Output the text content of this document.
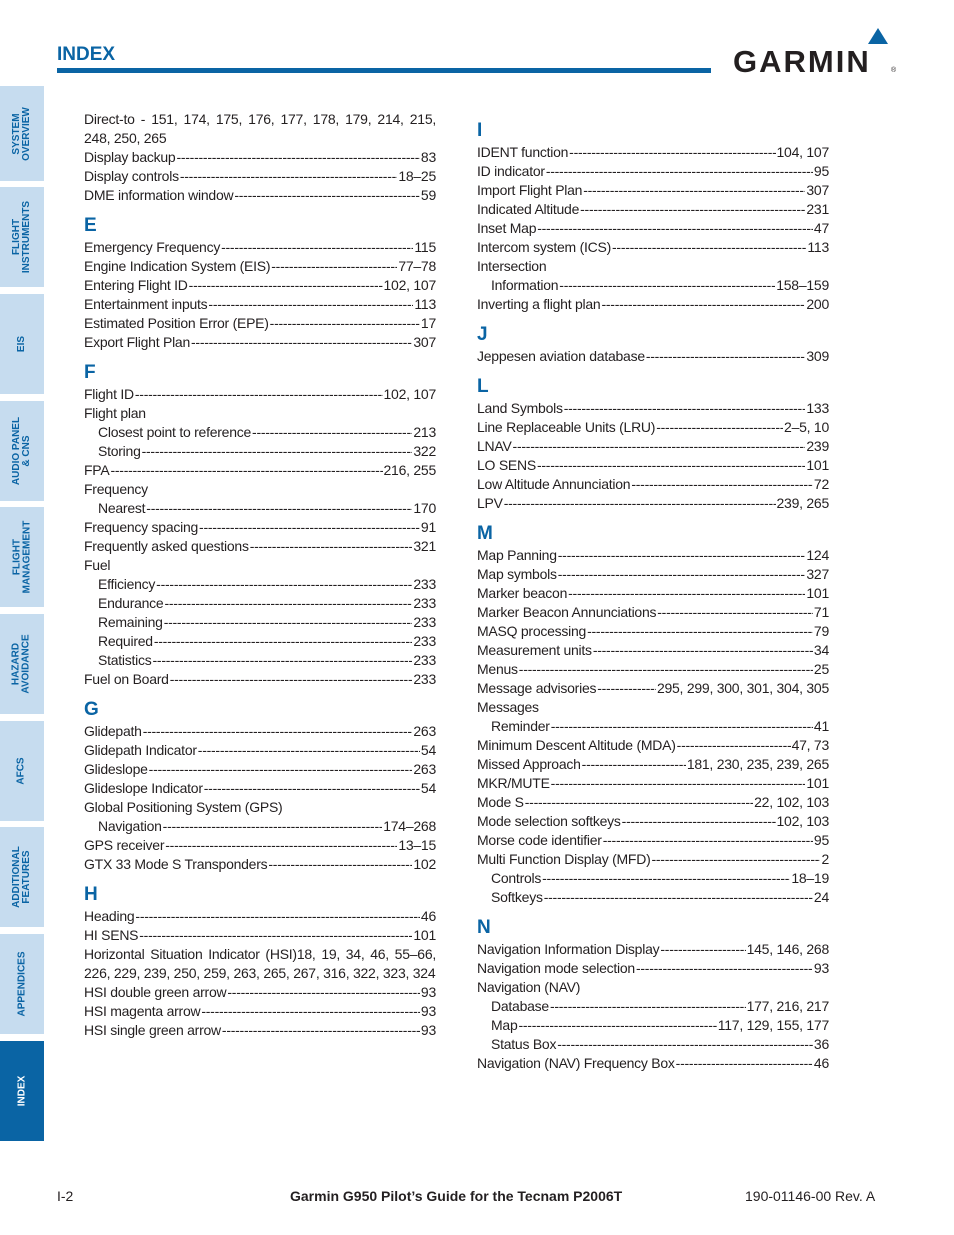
SYSTEM
OVERVIEW
FLIGHT
INSTRUMENTS
EIS
AUDIO PANEL
& CNS
FLIGHT
MANAGEMENT
HAZARD
AVOIDANCE
AFCS
ADDITIONAL
FEATURES
APPENDICES
INDEX
INDEX	GARMIN	®
Direct-to - 151, 174, 175, 176, 177, 178, 179, 214, 215, 248, 250, 265
Display backup -----	83
Display controls -----	18–25
DME information window -----	59
E
Emergency Frequency -----	115
Engine Indication System (EIS) -----	77–78
Entering Flight ID -----	102, 107
Entertainment inputs -----	113
Estimated Position Error (EPE) -----	17
Export Flight Plan -----	307
F
Flight ID -----	102, 107
Flight plan
Closest point to reference -----	213
Storing -----	322
FPA -----	216, 255
Frequency
Nearest -----	170
Frequency spacing -----	91
Frequently asked questions -----	321
Fuel
Efficiency -----	233
Endurance -----	233
Remaining -----	233
Required -----	233
Statistics -----	233
Fuel on Board -----	233
G
Glidepath -----	263
Glidepath Indicator -----	54
Glideslope -----	263
Glideslope Indicator -----	54
Global Positioning System (GPS)
Navigation -----	174–268
GPS receiver -----	13–15
GTX 33 Mode S Transponders -----	102
H
Heading -----	46
HI SENS -----	101
Horizontal Situation Indicator (HSI)18, 19, 34, 46, 55–66, 226, 229, 239, 250, 259, 263, 265, 267, 316, 322, 323, 324
HSI double green arrow -----	93
HSI magenta arrow -----	93
HSI single green arrow -----	93
I
IDENT function -----	104, 107
ID indicator -----	95
Import Flight Plan -----	307
Indicated Altitude -----	231
Inset Map -----	47
Intercom system (ICS) -----	113
Intersection
Information -----	158–159
Inverting a flight plan -----	200
J
Jeppesen aviation database -----	309
L
Land Symbols -----	133
Line Replaceable Units (LRU) -----	2–5, 10
LNAV -----	239
LO SENS -----	101
Low Altitude Annunciation -----	72
LPV -----	239, 265
M
Map Panning -----	124
Map symbols -----	327
Marker beacon -----	101
Marker Beacon Annunciations -----	71
MASQ processing -----	79
Measurement units -----	34
Menus -----	25
Message advisories -----	295, 299, 300, 301, 304, 305
Messages
Reminder -----	41
Minimum Descent Altitude (MDA) -----	47, 73
Missed Approach -----	181, 230, 235, 239, 265
MKR/MUTE -----	101
Mode S -----	22, 102, 103
Mode selection softkeys -----	102, 103
Morse code identifier -----	95
Multi Function Display (MFD) -----	2
Controls -----	18–19
Softkeys -----	24
N
Navigation Information Display -----	145, 146, 268
Navigation mode selection -----	93
Navigation (NAV)
Database -----	177, 216, 217
Map -----	117, 129, 155, 177
Status Box -----	36
Navigation (NAV) Frequency Box -----	46
I-2	Garmin G950 Pilot’s Guide for the Tecnam P2006T	190-01146-00 Rev. A
